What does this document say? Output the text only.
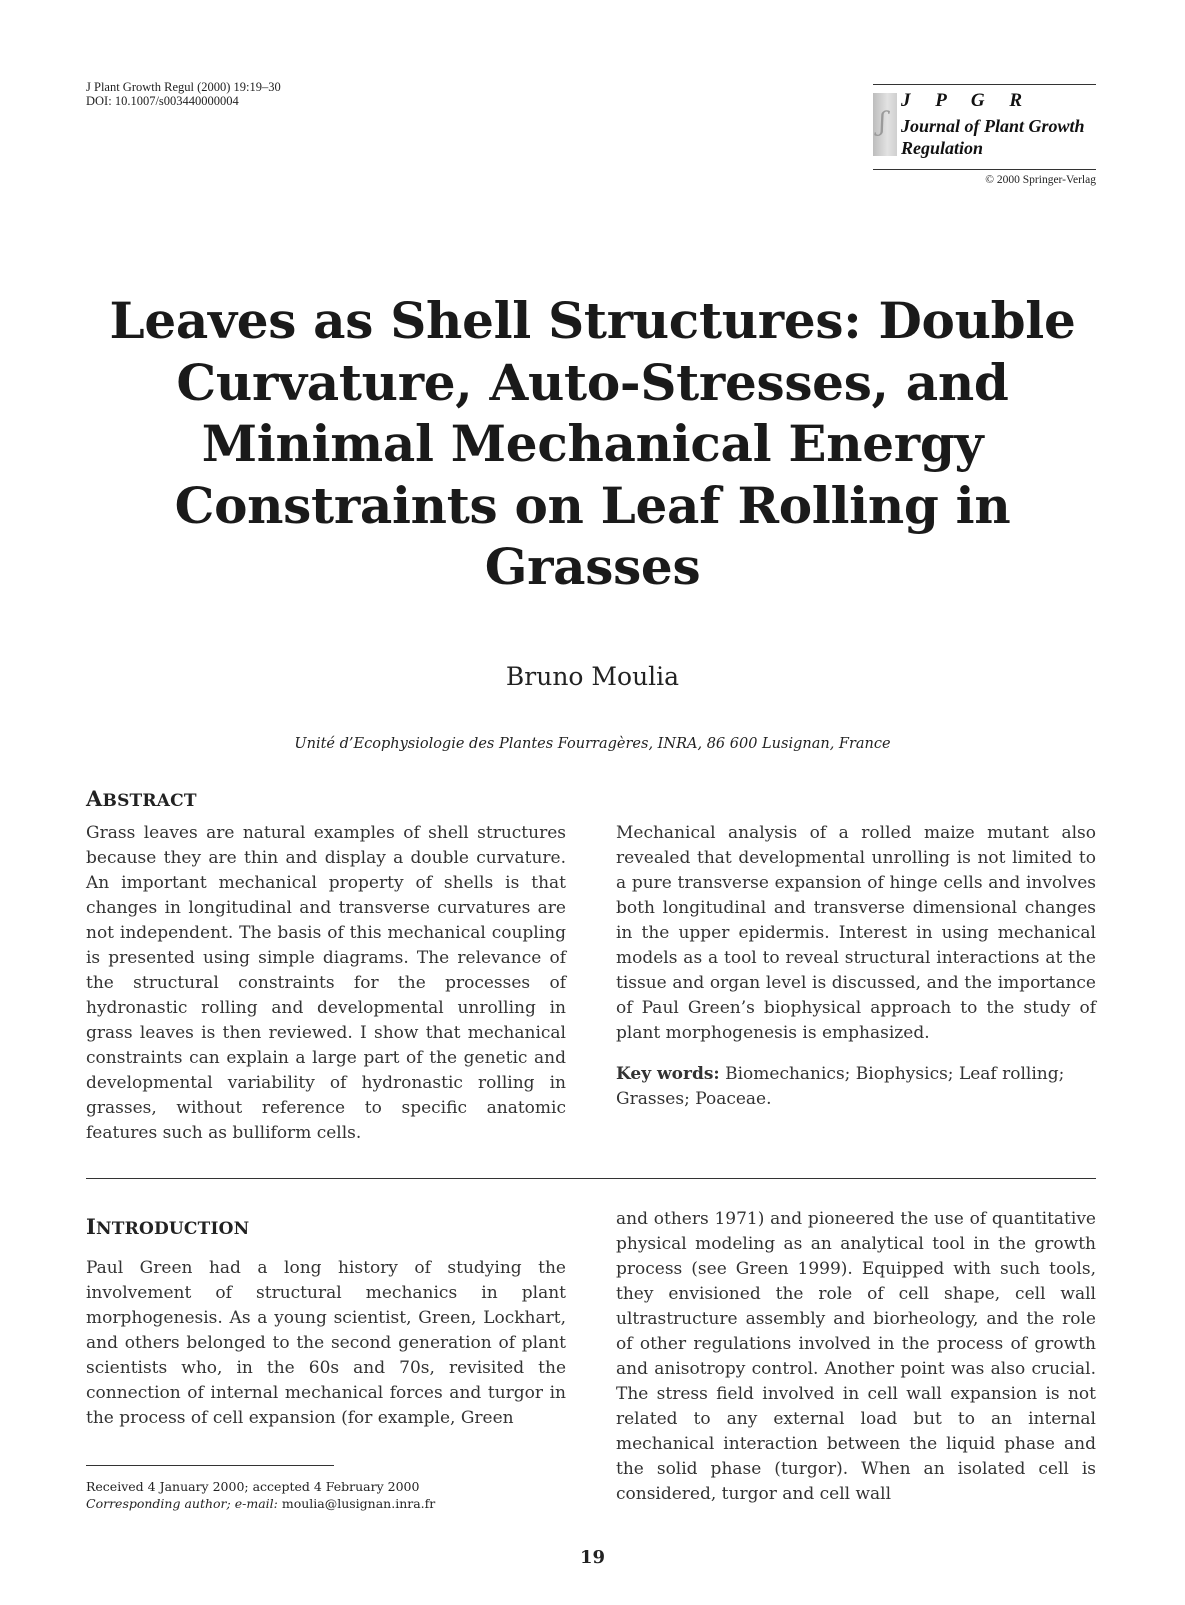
J Plant Growth Regul (2000) 19:19–30
DOI: 10.1007/s003440000004
ʃ
J P G R
Journal of Plant Growth Regulation
© 2000 Springer-Verlag
Leaves as Shell Structures: Double Curvature, Auto-Stresses, and Minimal Mechanical Energy Constraints on Leaf Rolling in Grasses
Bruno Moulia
Unité d’Ecophysiologie des Plantes Fourragères, INRA, 86 600 Lusignan, France
ABSTRACT

Grass leaves are natural examples of shell structures because they are thin and display a double curvature. An important mechanical property of shells is that changes in longitudinal and transverse curvatures are not independent. The basis of this mechanical coupling is presented using simple diagrams. The relevance of the structural constraints for the processes of hydronastic rolling and developmental unrolling in grass leaves is then reviewed. I show that mechanical constraints can explain a large part of the genetic and developmental variability of hydronastic rolling in grasses, without reference to specific anatomic features such as bulliform cells.

Mechanical analysis of a rolled maize mutant also revealed that developmental unrolling is not limited to a pure transverse expansion of hinge cells and involves both longitudinal and transverse dimensional changes in the upper epidermis. Interest in using mechanical models as a tool to reveal structural interactions at the tissue and organ level is discussed, and the importance of Paul Green’s biophysical approach to the study of plant morphogenesis is emphasized.

Key words: Biomechanics; Biophysics; Leaf rolling; Grasses; Poaceae.

INTRODUCTION

Paul Green had a long history of studying the involvement of structural mechanics in plant morphogenesis. As a young scientist, Green, Lockhart, and others belonged to the second generation of plant scientists who, in the 60s and 70s, revisited the connection of internal mechanical forces and turgor in the process of cell expansion (for example, Green

and others 1971) and pioneered the use of quantitative physical modeling as an analytical tool in the growth process (see Green 1999). Equipped with such tools, they envisioned the role of cell shape, cell wall ultrastructure assembly and biorheology, and the role of other regulations involved in the process of growth and anisotropy control. Another point was also crucial. The stress field involved in cell wall expansion is not related to any external load but to an internal mechanical interaction between the liquid phase and the solid phase (turgor). When an isolated cell is considered, turgor and cell wall

Received 4 January 2000; accepted 4 February 2000
Corresponding author; e-mail: moulia@lusignan.inra.fr
19
